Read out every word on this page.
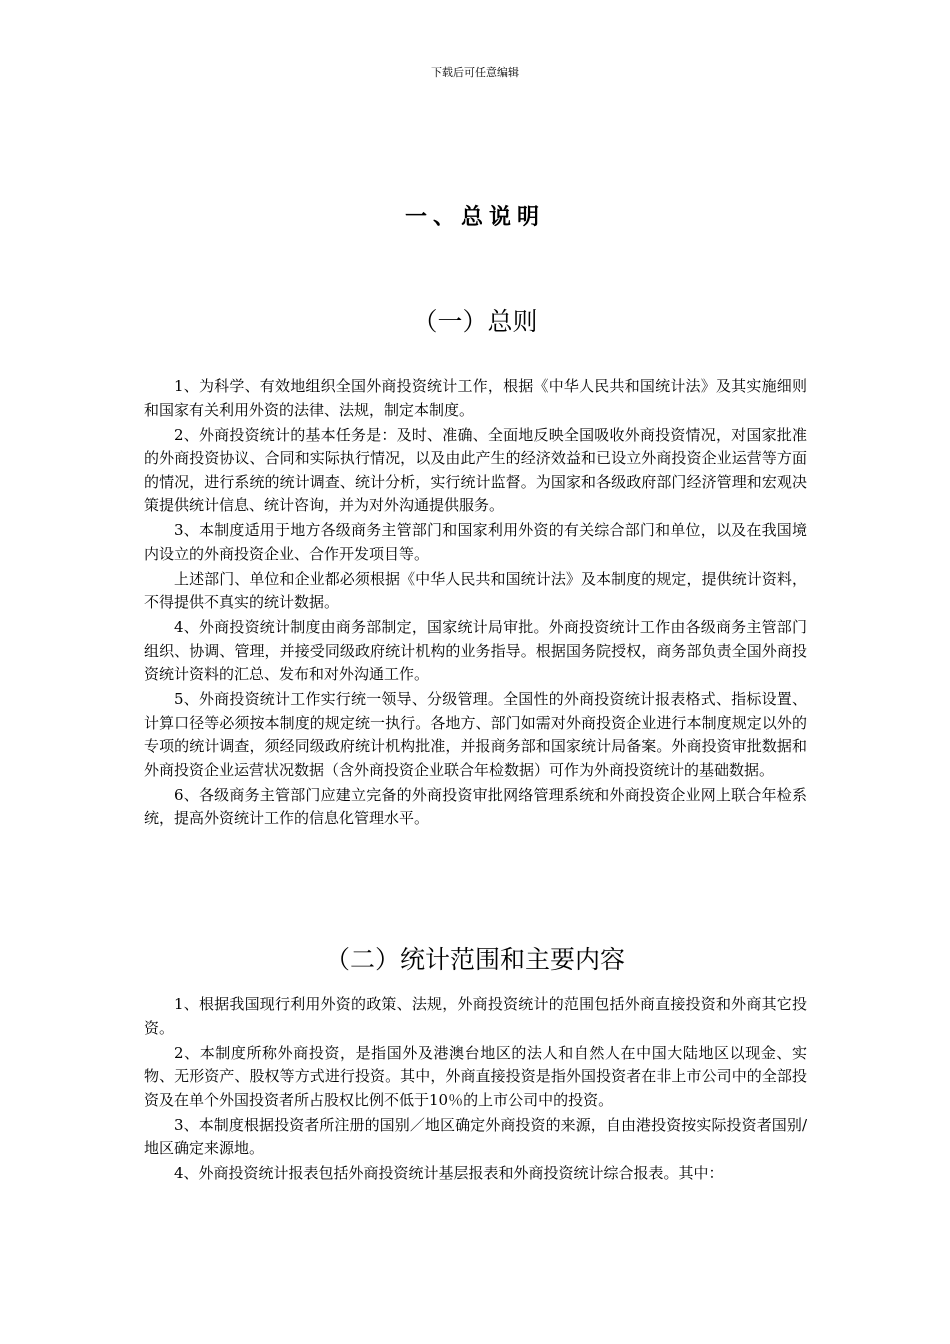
下载后可任意编辑
一、总说明
（一）总则

1、为科学、有效地组织全国外商投资统计工作，根据《中华人民共和国统计法》及其实施细则和国家有关利用外资的法律、法规，制定本制度。

2、外商投资统计的基本任务是：及时、准确、全面地反映全国吸收外商投资情况，对国家批准的外商投资协议、合同和实际执行情况，以及由此产生的经济效益和已设立外商投资企业运营等方面的情况，进行系统的统计调查、统计分析，实行统计监督。为国家和各级政府部门经济管理和宏观决策提供统计信息、统计咨询，并为对外沟通提供服务。

3、本制度适用于地方各级商务主管部门和国家利用外资的有关综合部门和单位，以及在我国境内设立的外商投资企业、合作开发项目等。

上述部门、单位和企业都必须根据《中华人民共和国统计法》及本制度的规定，提供统计资料，不得提供不真实的统计数据。

4、外商投资统计制度由商务部制定，国家统计局审批。外商投资统计工作由各级商务主管部门组织、协调、管理，并接受同级政府统计机构的业务指导。根据国务院授权，商务部负责全国外商投资统计资料的汇总、发布和对外沟通工作。

5、外商投资统计工作实行统一领导、分级管理。全国性的外商投资统计报表格式、指标设置、计算口径等必须按本制度的规定统一执行。各地方、部门如需对外商投资企业进行本制度规定以外的专项的统计调查，须经同级政府统计机构批准，并报商务部和国家统计局备案。外商投资审批数据和外商投资企业运营状况数据（含外商投资企业联合年检数据）可作为外商投资统计的基础数据。

6、各级商务主管部门应建立完备的外商投资审批网络管理系统和外商投资企业网上联合年检系统，提高外资统计工作的信息化管理水平。

（二）统计范围和主要内容

1、根据我国现行利用外资的政策、法规，外商投资统计的范围包括外商直接投资和外商其它投资。

2、本制度所称外商投资，是指国外及港澳台地区的法人和自然人在中国大陆地区以现金、实物、无形资产、股权等方式进行投资。其中，外商直接投资是指外国投资者在非上市公司中的全部投资及在单个外国投资者所占股权比例不低于10％的上市公司中的投资。

3、本制度根据投资者所注册的国别／地区确定外商投资的来源，自由港投资按实际投资者国别/地区确定来源地。

4、外商投资统计报表包括外商投资统计基层报表和外商投资统计综合报表。其中：
